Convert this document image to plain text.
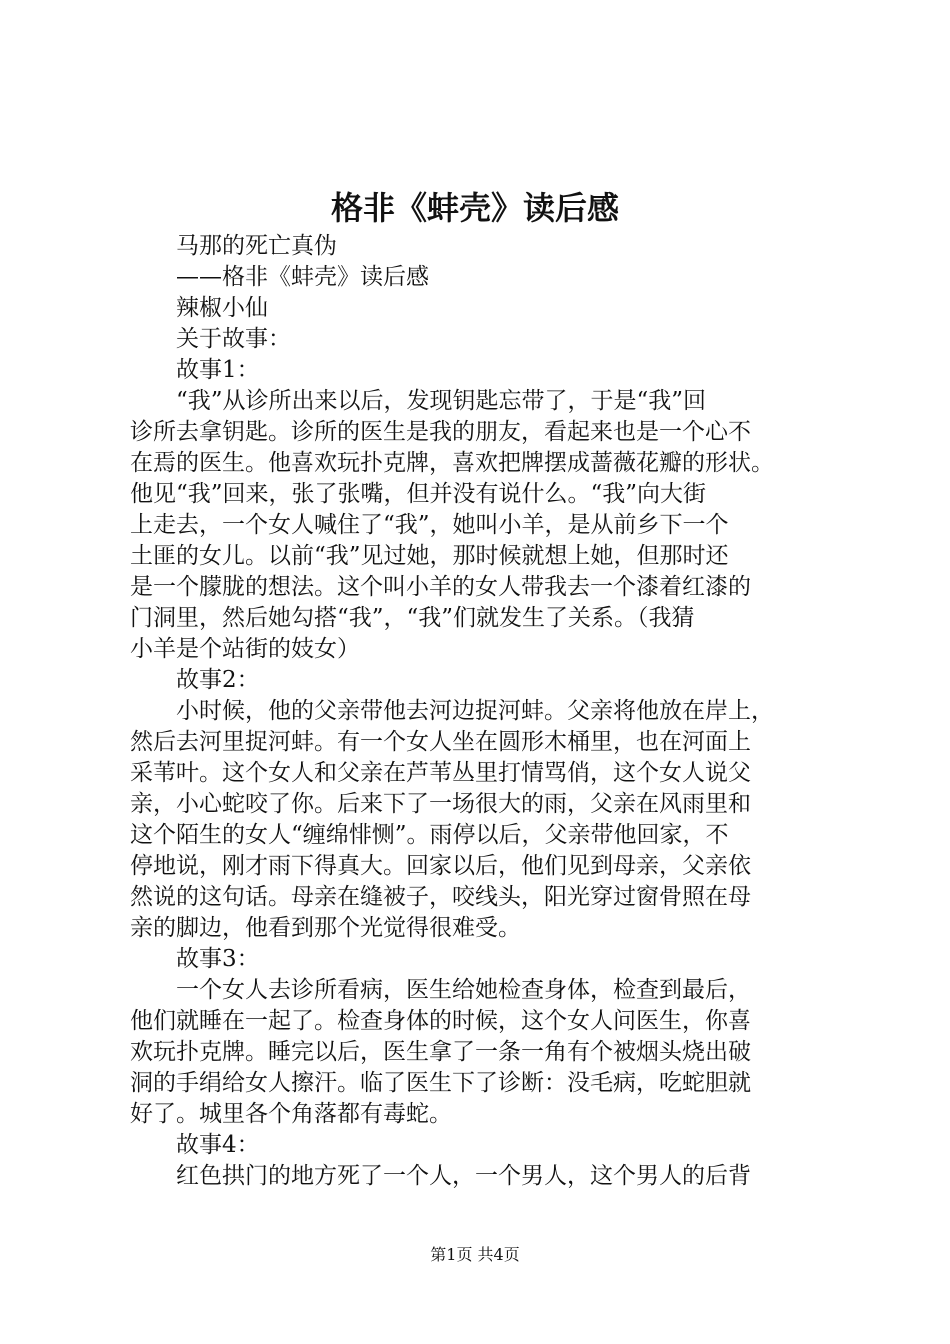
格非《蚌壳》读后感

马那的死亡真伪

——格非《蚌壳》读后感

辣椒小仙

关于故事：

故事1：

“我”从诊所出来以后，发现钥匙忘带了，于是“我”回

诊所去拿钥匙。诊所的医生是我的朋友，看起来也是一个心不

在焉的医生。他喜欢玩扑克牌，喜欢把牌摆成蔷薇花瓣的形状。

他见“我”回来，张了张嘴，但并没有说什么。“我”向大街

上走去，一个女人喊住了“我”，她叫小羊，是从前乡下一个

土匪的女儿。以前“我”见过她，那时候就想上她，但那时还

是一个朦胧的想法。这个叫小羊的女人带我去一个漆着红漆的

门洞里，然后她勾搭“我”，“我”们就发生了关系。（我猜

小羊是个站街的妓女）

故事2：

小时候，他的父亲带他去河边捉河蚌。父亲将他放在岸上，

然后去河里捉河蚌。有一个女人坐在圆形木桶里，也在河面上

采苇叶。这个女人和父亲在芦苇丛里打情骂俏，这个女人说父

亲，小心蛇咬了你。后来下了一场很大的雨，父亲在风雨里和

这个陌生的女人“缠绵悱恻”。雨停以后，父亲带他回家，不

停地说，刚才雨下得真大。回家以后，他们见到母亲，父亲依

然说的这句话。母亲在缝被子，咬线头，阳光穿过窗骨照在母

亲的脚边，他看到那个光觉得很难受。

故事3：

一个女人去诊所看病，医生给她检查身体，检查到最后，

他们就睡在一起了。检查身体的时候，这个女人问医生，你喜

欢玩扑克牌。睡完以后，医生拿了一条一角有个被烟头烧出破

洞的手绢给女人擦汗。临了医生下了诊断：没毛病，吃蛇胆就

好了。城里各个角落都有毒蛇。

故事4：

红色拱门的地方死了一个人，一个男人，这个男人的后背

第1页 共4页
